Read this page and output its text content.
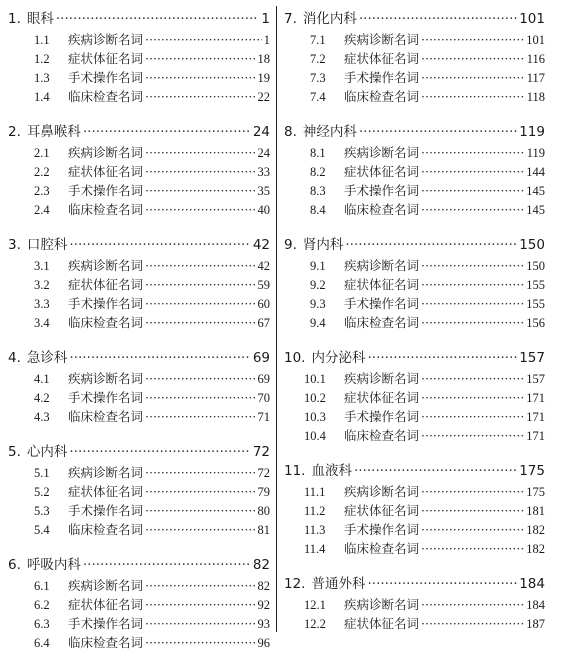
1. 眼科 ·····	1
1.1	疾病诊断名词 ·····	1
1.2	症状体征名词 ·····	18
1.3	手术操作名词 ·····	19
1.4	临床检查名词 ·····	22
2. 耳鼻喉科 ·····	24
2.1	疾病诊断名词 ·····	24
2.2	症状体征名词 ·····	33
2.3	手术操作名词 ·····	35
2.4	临床检查名词 ·····	40
3. 口腔科 ·····	42
3.1	疾病诊断名词 ·····	42
3.2	症状体征名词 ·····	59
3.3	手术操作名词 ·····	60
3.4	临床检查名词 ·····	67
4. 急诊科 ·····	69
4.1	疾病诊断名词 ·····	69
4.2	手术操作名词 ·····	70
4.3	临床检查名词 ·····	71
5. 心内科 ·····	72
5.1	疾病诊断名词 ·····	72
5.2	症状体征名词 ·····	79
5.3	手术操作名词 ·····	80
5.4	临床检查名词 ·····	81
6. 呼吸内科 ·····	82
6.1	疾病诊断名词 ·····	82
6.2	症状体征名词 ·····	92
6.3	手术操作名词 ·····	93
6.4	临床检查名词 ·····	96
7. 消化内科 ·····	101
7.1	疾病诊断名词 ·····	101
7.2	症状体征名词 ·····	116
7.3	手术操作名词 ·····	117
7.4	临床检查名词 ·····	118
8. 神经内科 ·····	119
8.1	疾病诊断名词 ·····	119
8.2	症状体征名词 ·····	144
8.3	手术操作名词 ·····	145
8.4	临床检查名词 ·····	145
9. 肾内科 ·····	150
9.1	疾病诊断名词 ·····	150
9.2	症状体征名词 ·····	155
9.3	手术操作名词 ·····	155
9.4	临床检查名词 ·····	156
10. 内分泌科 ·····	157
10.1	疾病诊断名词 ·····	157
10.2	症状体征名词 ·····	171
10.3	手术操作名词 ·····	171
10.4	临床检查名词 ·····	171
11. 血液科 ·····	175
11.1	疾病诊断名词 ·····	175
11.2	症状体征名词 ·····	181
11.3	手术操作名词 ·····	182
11.4	临床检查名词 ·····	182
12. 普通外科 ·····	184
12.1	疾病诊断名词 ·····	184
12.2	症状体征名词 ·····	187
